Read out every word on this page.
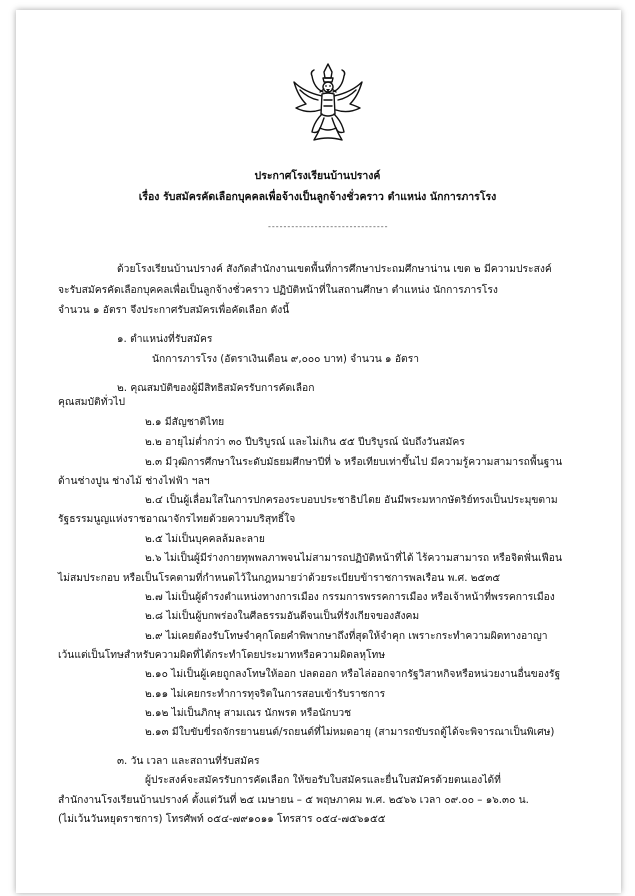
ประกาศโรงเรียนบ้านปรางค์
เรื่อง รับสมัครคัดเลือกบุคคลเพื่อจ้างเป็นลูกจ้างชั่วคราว ตำแหน่ง นักการภารโรง
-------------------------------
ด้วยโรงเรียนบ้านปรางค์ สังกัดสำนักงานเขตพื้นที่การศึกษาประถมศึกษาน่าน เขต ๒ มีความประสงค์
จะรับสมัครคัดเลือกบุคคลเพื่อเป็นลูกจ้างชั่วคราว ปฏิบัติหน้าที่ในสถานศึกษา ตำแหน่ง นักการภารโรง
จำนวน ๑ อัตรา จึงประกาศรับสมัครเพื่อคัดเลือก ดังนี้
๑. ตำแหน่งที่รับสมัคร
นักการภารโรง (อัตราเงินเดือน ๙,๐๐๐ บาท) จำนวน ๑ อัตรา
๒. คุณสมบัติของผู้มีสิทธิสมัครรับการคัดเลือก
คุณสมบัติทั่วไป
๒.๑ มีสัญชาติไทย
๒.๒ อายุไม่ต่ำกว่า ๓๐ ปีบริบูรณ์ และไม่เกิน ๕๕ ปีบริบูรณ์ นับถึงวันสมัคร
๒.๓ มีวุฒิการศึกษาในระดับมัธยมศึกษาปีที่ ๖ หรือเทียบเท่าขึ้นไป มีความรู้ความสามารถพื้นฐาน
ด้านช่างปูน ช่างไม้ ช่างไฟฟ้า ฯลฯ
๒.๔ เป็นผู้เลื่อมใสในการปกครองระบอบประชาธิปไตย อันมีพระมหากษัตริย์ทรงเป็นประมุขตาม
รัฐธรรมนูญแห่งราชอาณาจักรไทยด้วยความบริสุทธิ์ใจ
๒.๕ ไม่เป็นบุคคลล้มละลาย
๒.๖ ไม่เป็นผู้มีร่างกายทุพพลภาพจนไม่สามารถปฏิบัติหน้าที่ได้ ไร้ความสามารถ หรือจิตฟั่นเฟือน
ไม่สมประกอบ หรือเป็นโรคตามที่กำหนดไว้ในกฎหมายว่าด้วยระเบียบข้าราชการพลเรือน พ.ศ. ๒๕๓๕
๒.๗ ไม่เป็นผู้ดำรงตำแหน่งทางการเมือง กรรมการพรรคการเมือง หรือเจ้าหน้าที่พรรคการเมือง
๒.๘ ไม่เป็นผู้บกพร่องในศีลธรรมอันดีจนเป็นที่รังเกียจของสังคม
๒.๙ ไม่เคยต้องรับโทษจำคุกโดยคำพิพากษาถึงที่สุดให้จำคุก เพราะกระทำความผิดทางอาญา
เว้นแต่เป็นโทษสำหรับความผิดที่ได้กระทำโดยประมาทหรือความผิดลหุโทษ
๒.๑๐ ไม่เป็นผู้เคยถูกลงโทษให้ออก ปลดออก หรือไล่ออกจากรัฐวิสาหกิจหรือหน่วยงานอื่นของรัฐ
๒.๑๑ ไม่เคยกระทำการทุจริตในการสอบเข้ารับราชการ
๒.๑๒ ไม่เป็นภิกษุ สามเณร นักพรต หรือนักบวช
๒.๑๓ มีใบขับขี่รถจักรยานยนต์/รถยนต์ที่ไม่หมดอายุ (สามารถขับรถตู้ได้จะพิจารณาเป็นพิเศษ)
๓. วัน เวลา และสถานที่รับสมัคร
ผู้ประสงค์จะสมัครรับการคัดเลือก ให้ขอรับใบสมัครและยื่นใบสมัครด้วยตนเองได้ที่
สำนักงานโรงเรียนบ้านปรางค์ ตั้งแต่วันที่ ๒๕ เมษายน – ๕ พฤษภาคม พ.ศ. ๒๕๖๖ เวลา ๐๙.๐๐ – ๑๖.๓๐ น.
(ไม่เว้นวันหยุดราชการ) โทรศัพท์ ๐๕๔-๗๙๑๐๑๑ โทรสาร ๐๕๔-๗๕๖๑๕๕
